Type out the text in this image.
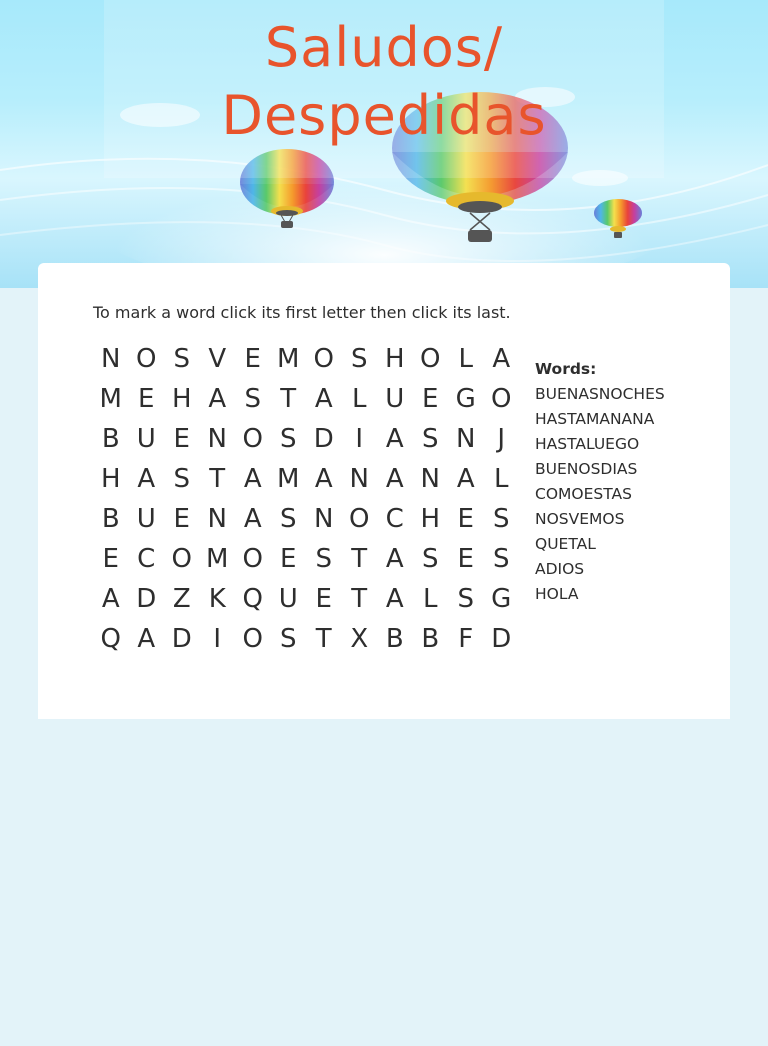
Saludos/
Despedidas

To mark a word click its first letter then click its last.

N O S V E M O S H O L A
M E H A S T A L U E G O
B U E N O S D I A S N J
H A S T A M A N A N A L
B U E N A S N O C H E S
E C O M O E S T A S E S
A D Z K Q U E T A L S G
Q A D I O S T X B B F D
Words:
BUENASNOCHES
HASTAMANANA
HASTALUEGO
BUENOSDIAS
COMOESTAS
NOSVEMOS
QUETAL
ADIOS
HOLA
